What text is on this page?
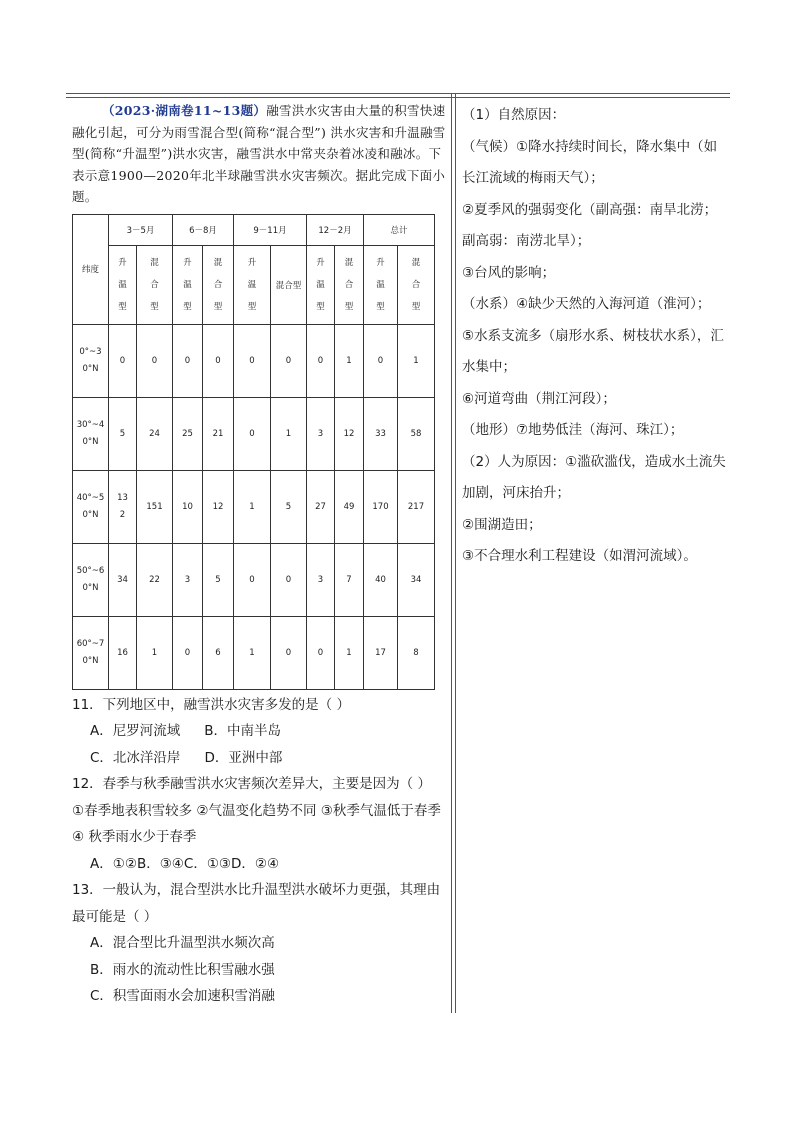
（2023·湖南卷11~13题）融雪洪水灾害由大量的积雪快速融化引起，可分为雨雪混合型(简称“混合型”) 洪水灾害和升温融雪型(简称“升温型”)洪水灾害，融雪洪水中常夹杂着冰凌和融冰。下表示意1900—2020年北半球融雪洪水灾害频次。据此完成下面小题。
纬度	3－5月		6－8月		9－11月		12－2月		总计	
	升温型	混合型	升温型	混合型	升温型	混合型	升温型	混合型	升温型	混合型
0°~30°N	0	0	0	0	0	0	0	1	0	1
30°~40°N	5	24	25	21	0	1	3	12	33	58
40°~50°N	132	151	10	12	1	5	27	49	170	217
50°~60°N	34	22	3	5	0	0	3	7	40	34
60°~70°N	16	1	0	6	1	0	0	1	17	8
11．下列地区中，融雪洪水灾害多发的是（ ）
A．尼罗河流域 B．中南半岛
C．北冰洋沿岸 D．亚洲中部
12．春季与秋季融雪洪水灾害频次差异大，主要是因为（ ）
①春季地表积雪较多 ②气温变化趋势不同 ③秋季气温低于春季 ④ 秋季雨水少于春季
A．①②B．③④C．①③D．②④
13．一般认为，混合型洪水比升温型洪水破坏力更强，其理由最可能是（ ）
A．混合型比升温型洪水频次高
B．雨水的流动性比积雪融水强
C．积雪面雨水会加速积雪消融
（1）自然原因：
（气候）①降水持续时间长，降水集中（如长江流域的梅雨天气）；
②夏季风的强弱变化（副高强：南旱北涝；副高弱：南涝北旱）；
③台风的影响；
（水系）④缺少天然的入海河道（淮河）；
⑤水系支流多（扇形水系、树枝状水系），汇水集中；
⑥河道弯曲（荆江河段）；
（地形）⑦地势低洼（海河、珠江）；
（2）人为原因：①滥砍滥伐，造成水土流失加剧，河床抬升；
②围湖造田；
③不合理水利工程建设（如渭河流域）。
